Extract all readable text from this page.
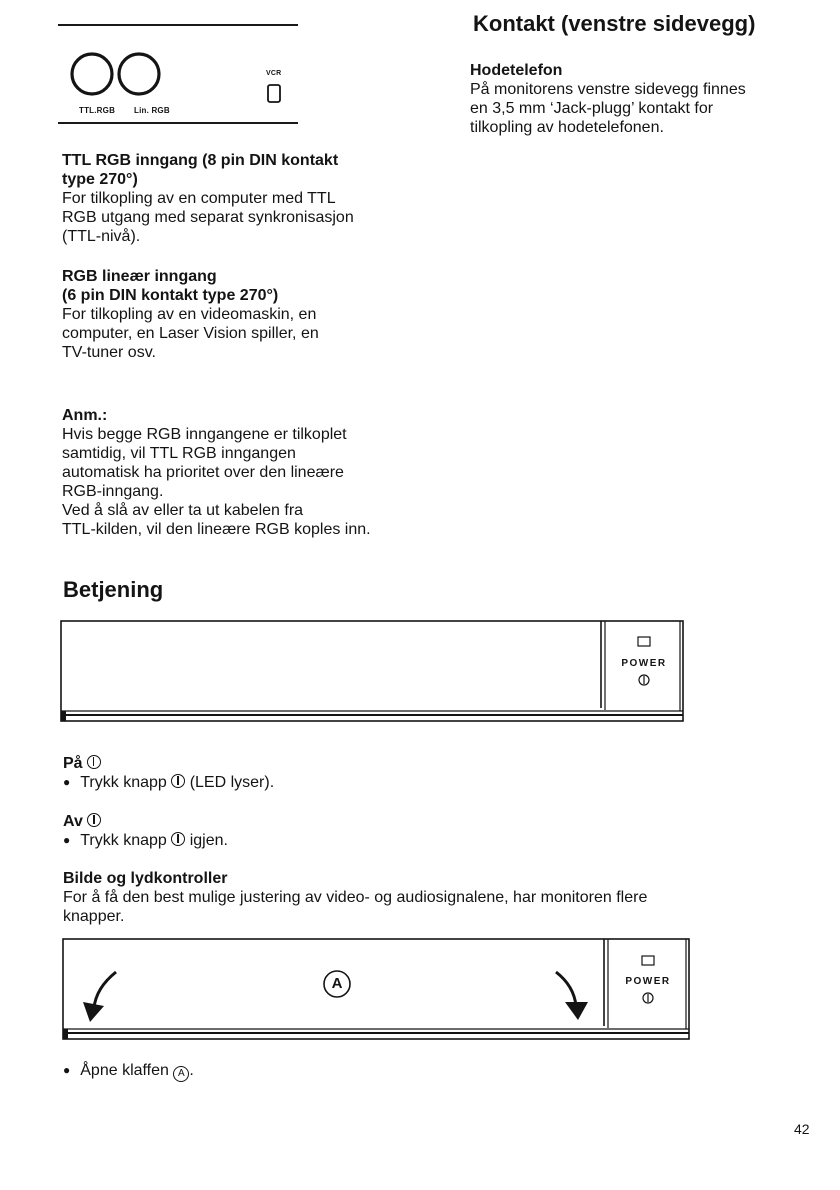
TTL.RGB Lin. RGB
VCR
TTL RGB inngang (8 pin DIN kontakt
type 270°)
For tilkopling av en computer med TTL
RGB utgang med separat synkronisasjon
(TTL-nivå).
RGB lineær inngang
(6 pin DIN kontakt type 270°)
For tilkopling av en videomaskin, en
computer, en Laser Vision spiller, en
TV-tuner osv.
Anm.:
Hvis begge RGB inngangene er tilkoplet
samtidig, vil TTL RGB inngangen
automatisk ha prioritet over den lineære
RGB-inngang.
Ved å slå av eller ta ut kabelen fra
TTL-kilden, vil den lineære RGB koples inn.
Kontakt (venstre sidevegg)
Hodetelefon
På monitorens venstre sidevegg finnes
en 3,5 mm ‘Jack-plugg’ kontakt for
tilkopling av hodetelefonen.
Betjening
POWER
På
● Trykk knapp (LED lyser).
Av
● Trykk knapp igjen.
Bilde og lydkontroller
For å få den best mulige justering av video- og audiosignalene, har monitoren flere
knapper.
A	POWER
● Åpne klaffen A .
42
